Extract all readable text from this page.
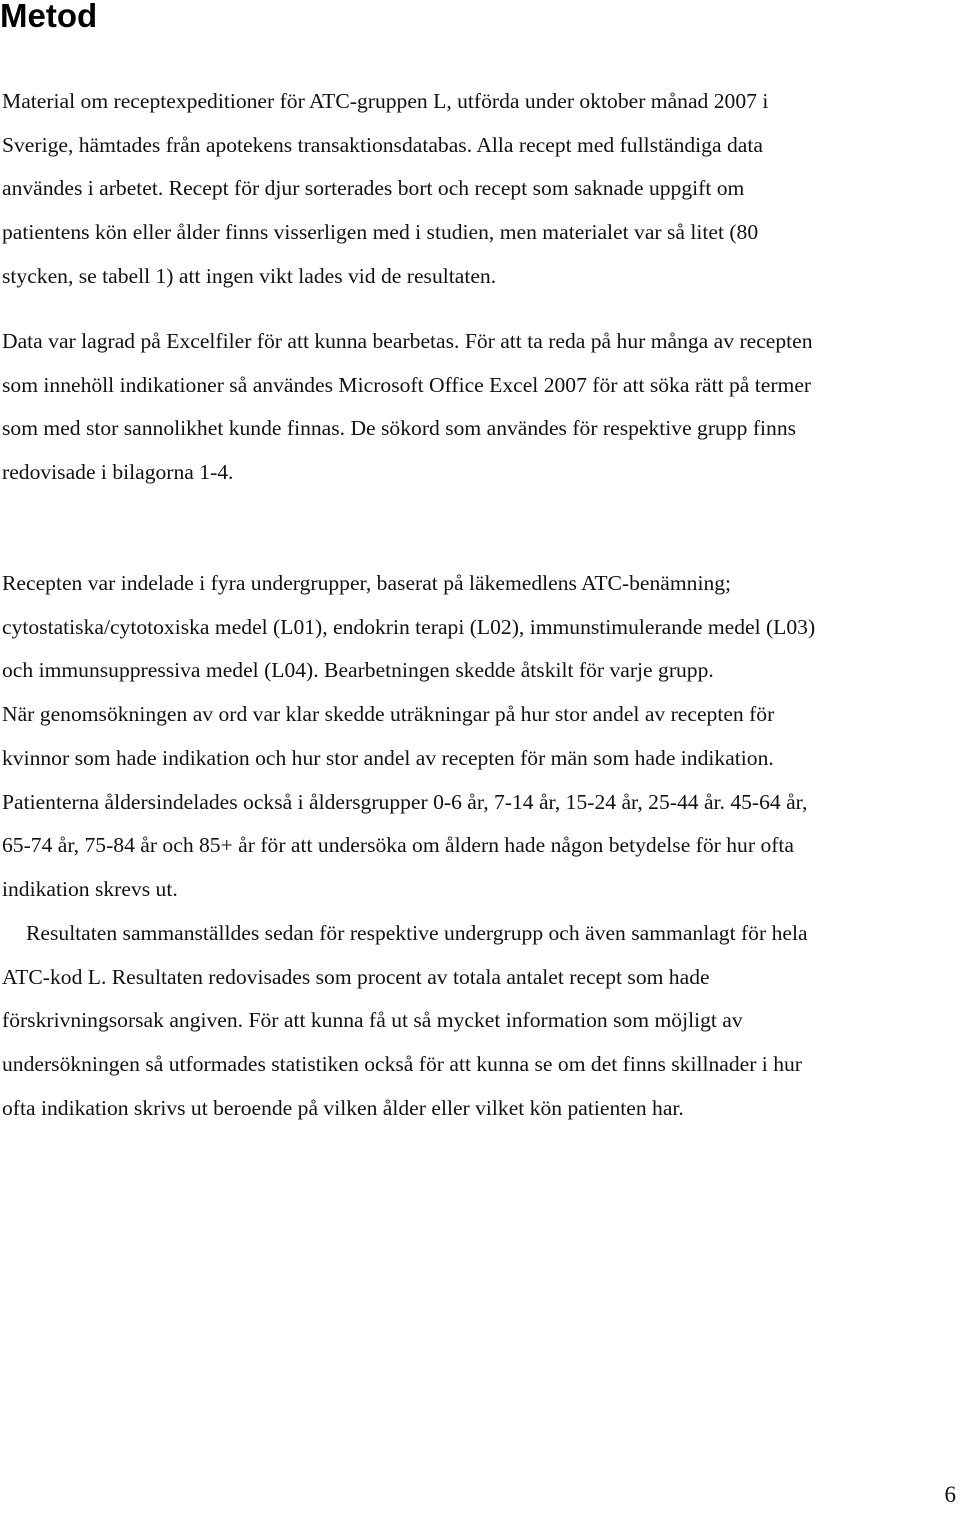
Metod

Material om receptexpeditioner för ATC-gruppen L, utförda under oktober månad 2007 i
Sverige, hämtades från apotekens transaktionsdatabas. Alla recept med fullständiga data
användes i arbetet. Recept för djur sorterades bort och recept som saknade uppgift om
patientens kön eller ålder finns visserligen med i studien, men materialet var så litet (80
stycken, se tabell 1) att ingen vikt lades vid de resultaten.

Data var lagrad på Excelfiler för att kunna bearbetas. För att ta reda på hur många av recepten
som innehöll indikationer så användes Microsoft Office Excel 2007 för att söka rätt på termer
som med stor sannolikhet kunde finnas. De sökord som användes för respektive grupp finns
redovisade i bilagorna 1-4.

Recepten var indelade i fyra undergrupper, baserat på läkemedlens ATC-benämning;
cytostatiska/cytotoxiska medel (L01), endokrin terapi (L02), immunstimulerande medel (L03)
och immunsuppressiva medel (L04). Bearbetningen skedde åtskilt för varje grupp.
När genomsökningen av ord var klar skedde uträkningar på hur stor andel av recepten för
kvinnor som hade indikation och hur stor andel av recepten för män som hade indikation.
Patienterna åldersindelades också i åldersgrupper 0-6 år, 7-14 år, 15-24 år, 25-44 år. 45-64 år,
65-74 år, 75-84 år och 85+ år för att undersöka om åldern hade någon betydelse för hur ofta
indikation skrevs ut.

Resultaten sammanställdes sedan för respektive undergrupp och även sammanlagt för hela
ATC-kod L. Resultaten redovisades som procent av totala antalet recept som hade
förskrivningsorsak angiven. För att kunna få ut så mycket information som möjligt av
undersökningen så utformades statistiken också för att kunna se om det finns skillnader i hur
ofta indikation skrivs ut beroende på vilken ålder eller vilket kön patienten har.

6
